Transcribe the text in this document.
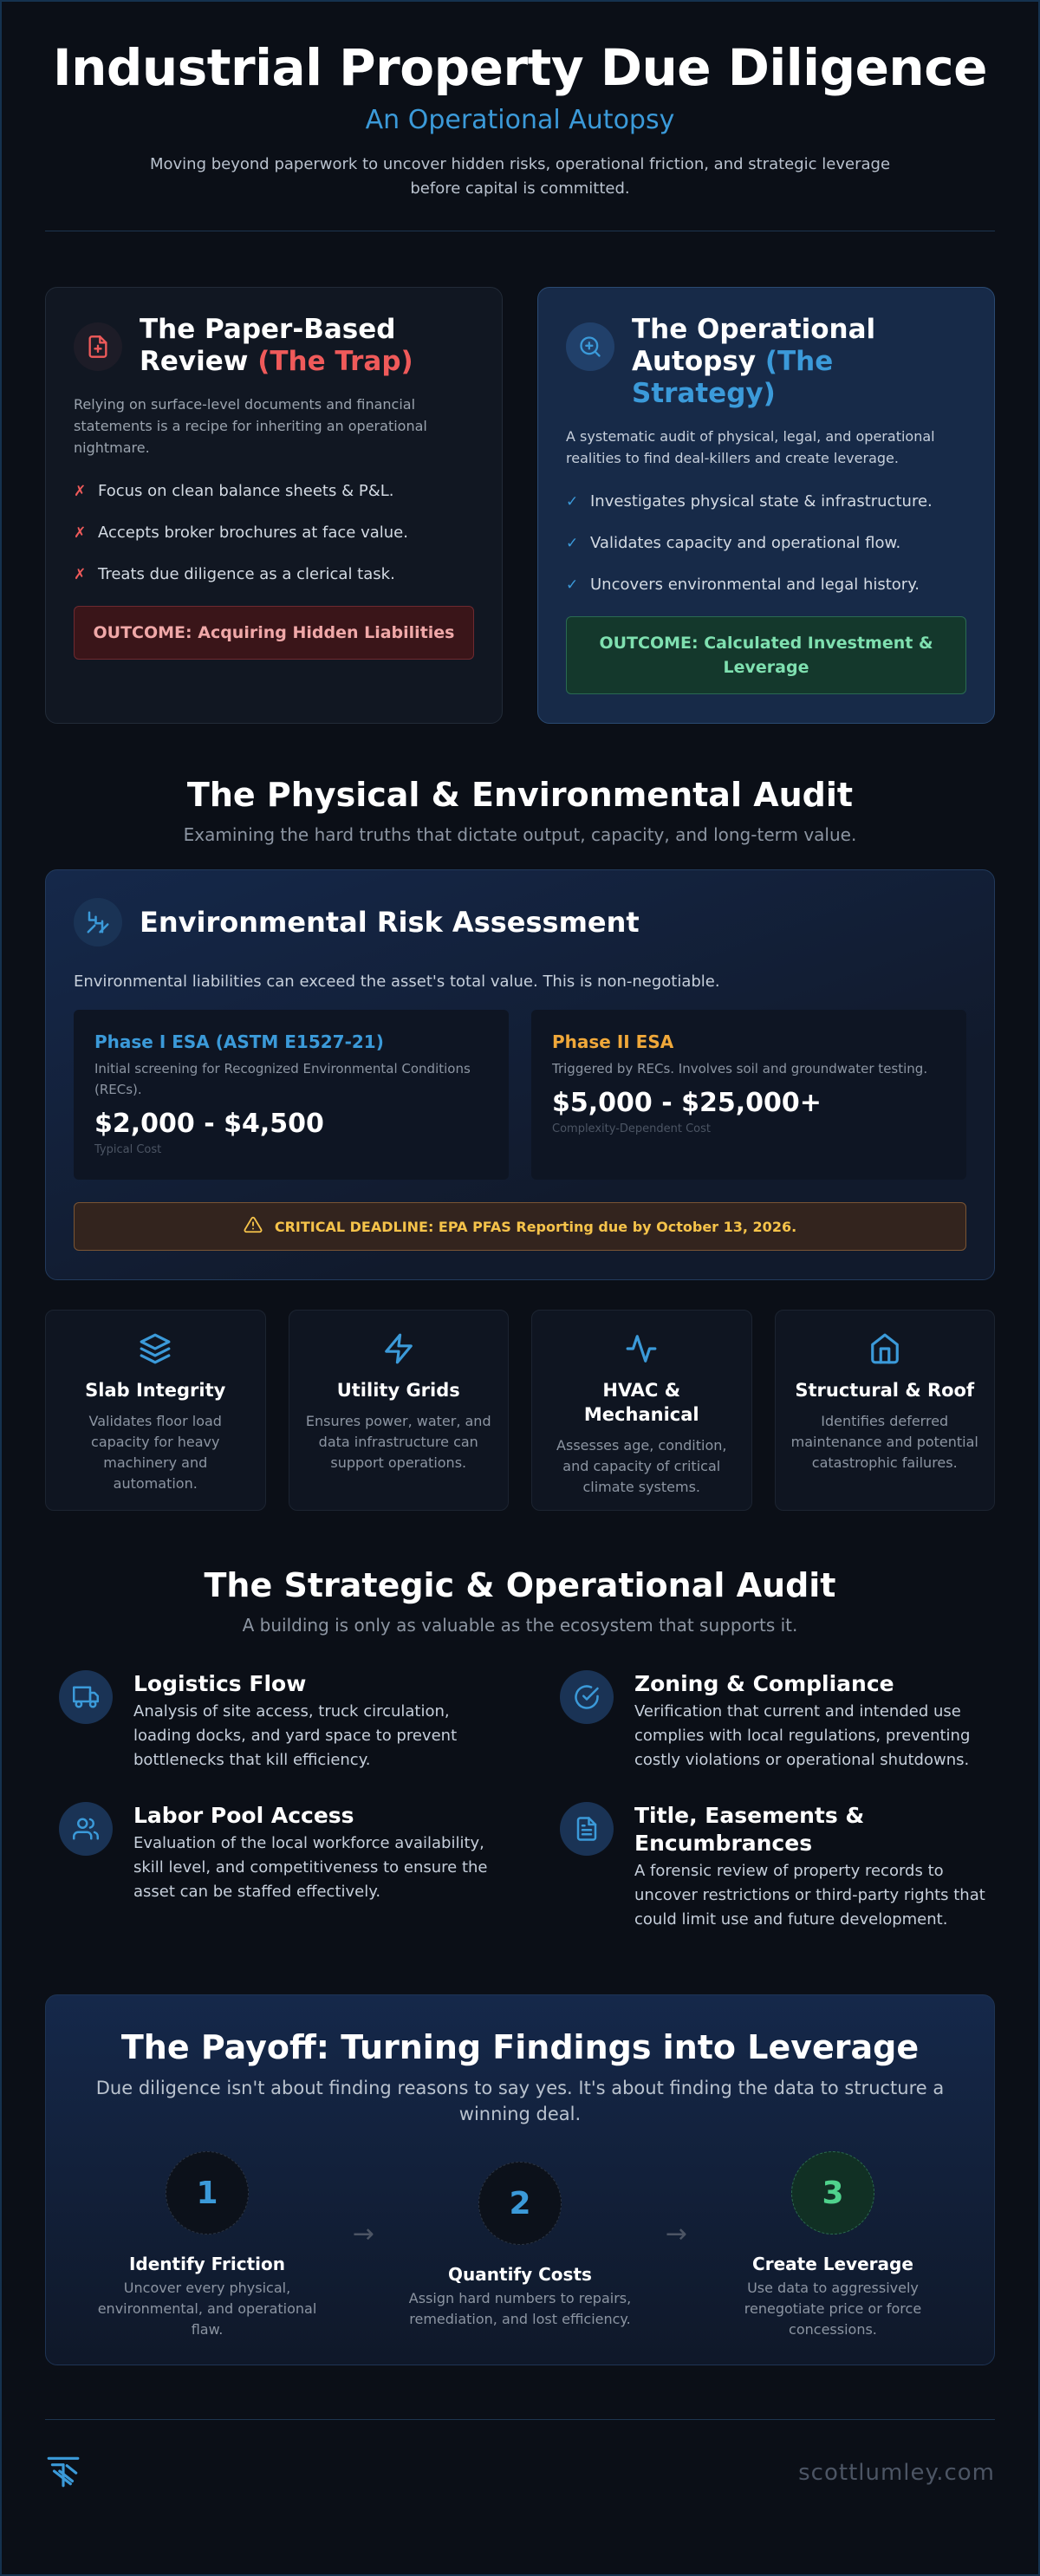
Industrial Property Due Diligence
An Operational Autopsy

Moving beyond paperwork to uncover hidden risks, operational friction, and strategic leverage before capital is committed.

The Paper-Based Review (The Trap)

Relying on surface-level documents and financial statements is a recipe for inheriting an operational nightmare.

✗ Focus on clean balance sheets & P&L.
✗ Accepts broker brochures at face value.
✗ Treats due diligence as a clerical task.
OUTCOME: Acquiring Hidden Liabilities
The Operational Autopsy (The Strategy)

A systematic audit of physical, legal, and operational realities to find deal-killers and create leverage.

✓ Investigates physical state & infrastructure.
✓ Validates capacity and operational flow.
✓ Uncovers environmental and legal history.
OUTCOME: Calculated Investment & Leverage
The Physical & Environmental Audit

Examining the hard truths that dictate output, capacity, and long-term value.

Environmental Risk Assessment

Environmental liabilities can exceed the asset's total value. This is non-negotiable.

Phase I ESA (ASTM E1527-21)
Initial screening for Recognized Environmental Conditions (RECs).
$2,000 - $4,500
Typical Cost
Phase II ESA
Triggered by RECs. Involves soil and groundwater testing.
$5,000 - $25,000+
Complexity-Dependent Cost
CRITICAL DEADLINE: EPA PFAS Reporting due by October 13, 2026.
Slab Integrity
Validates floor load capacity for heavy machinery and automation.
Utility Grids
Ensures power, water, and data infrastructure can support operations.
HVAC & Mechanical
Assesses age, condition, and capacity of critical climate systems.
Structural & Roof
Identifies deferred maintenance and potential catastrophic failures.
The Strategic & Operational Audit

A building is only as valuable as the ecosystem that supports it.

Logistics Flow

Analysis of site access, truck circulation, loading docks, and yard space to prevent bottlenecks that kill efficiency.

Zoning & Compliance

Verification that current and intended use complies with local regulations, preventing costly violations or operational shutdowns.

Labor Pool Access

Evaluation of the local workforce availability, skill level, and competitiveness to ensure the asset can be staffed effectively.

Title, Easements & Encumbrances

A forensic review of property records to uncover restrictions or third-party rights that could limit use and future development.

The Payoff: Turning Findings into Leverage

Due diligence isn't about finding reasons to say yes. It's about finding the data to structure a winning deal.

1
Identify Friction
Uncover every physical, environmental, and operational flaw.
→
2
Quantify Costs
Assign hard numbers to repairs, remediation, and lost efficiency.
→
3
Create Leverage
Use data to aggressively renegotiate price or force concessions.
scottlumley.com
